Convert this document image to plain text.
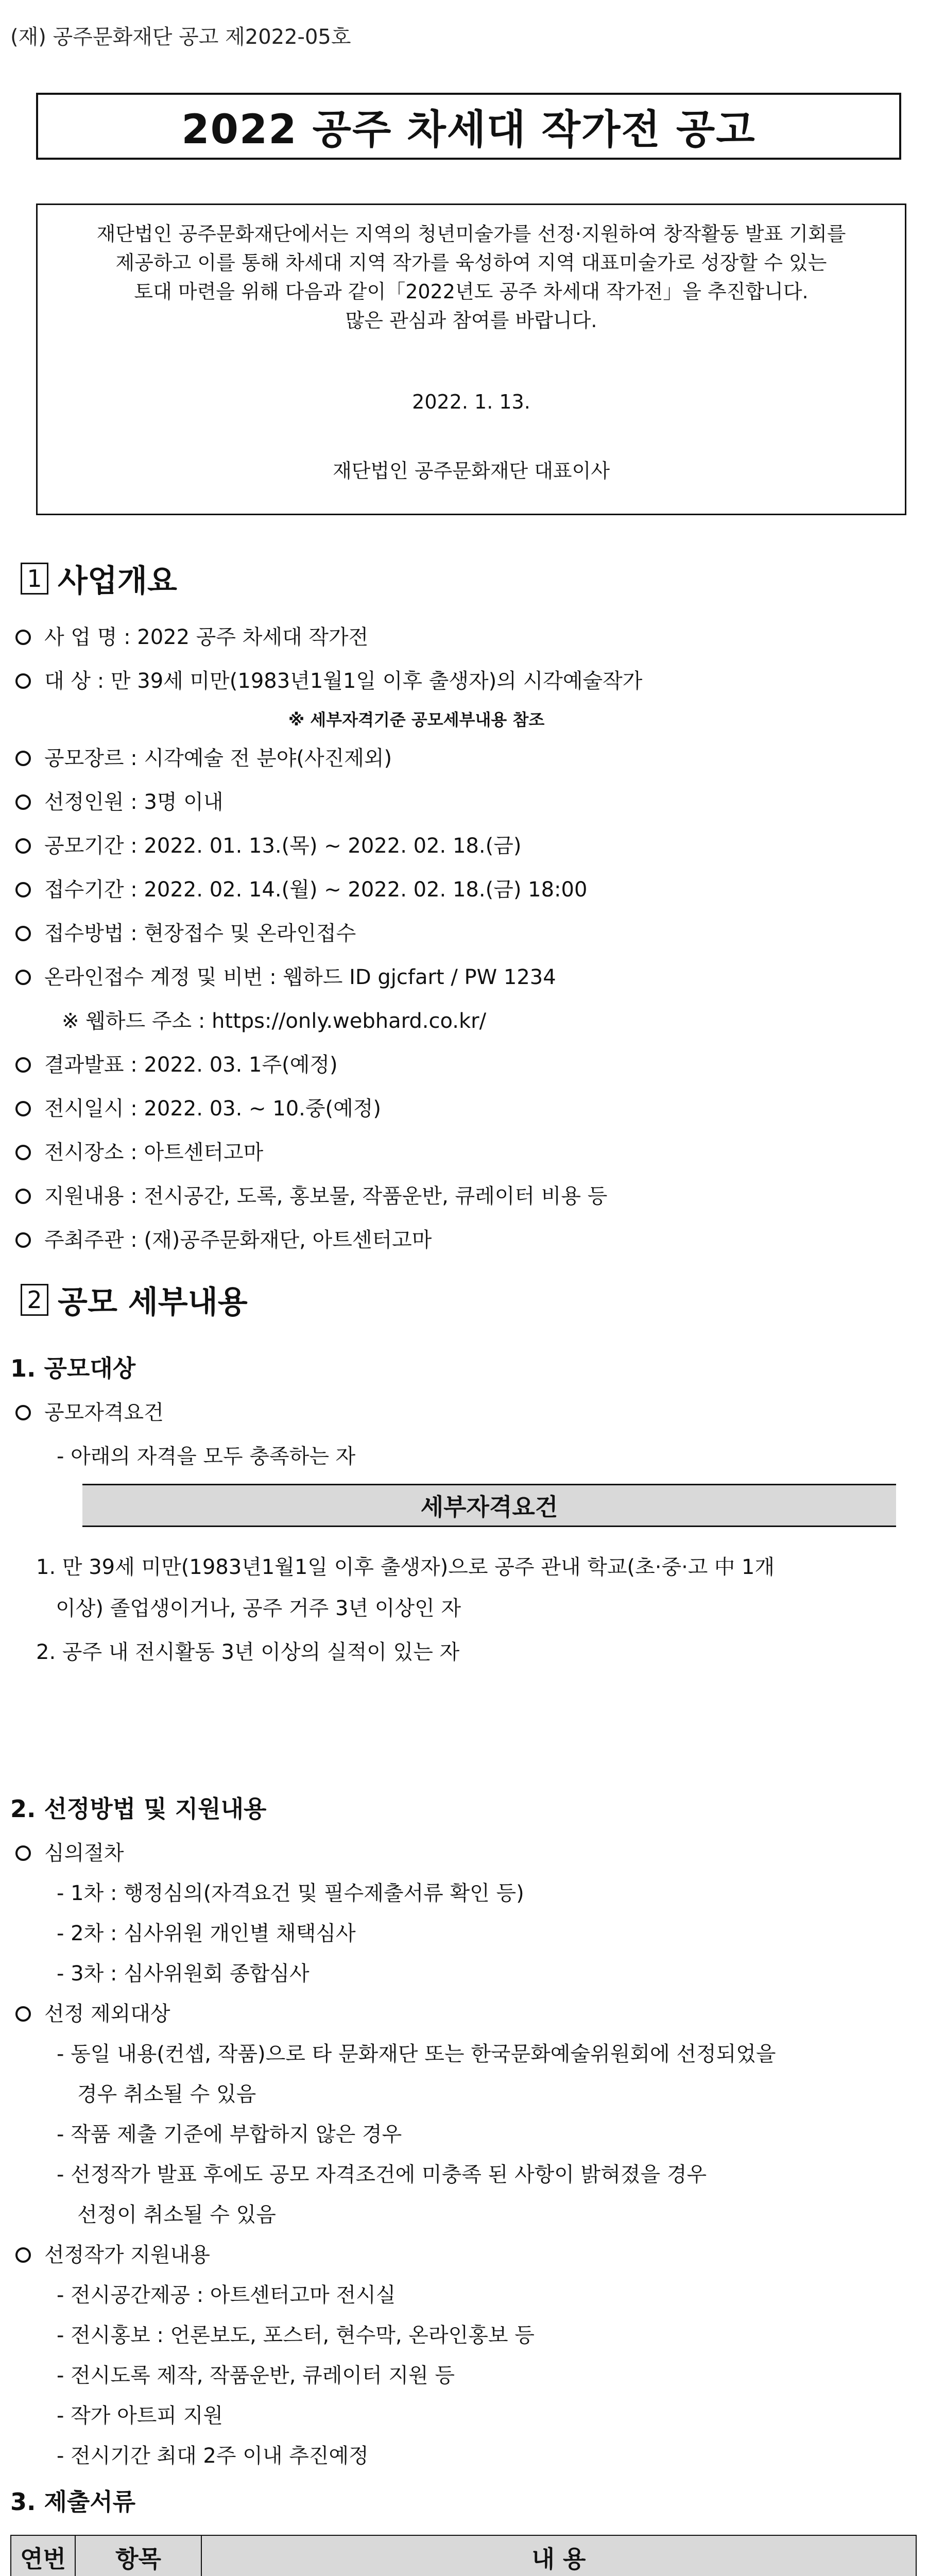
(재) 공주문화재단 공고 제2022-05호
2022 공주 차세대 작가전 공고
재단법인 공주문화재단에서는 지역의 청년미술가를 선정·지원하여 창작활동 발표 기회를
제공하고 이를 통해 차세대 지역 작가를 육성하여 지역 대표미술가로 성장할 수 있는
토대 마련을 위해 다음과 같이「2022년도 공주 차세대 작가전」을 추진합니다.
많은 관심과 참여를 바랍니다.
2022. 1. 13.
재단법인 공주문화재단 대표이사
1 사업개요
사 업 명 : 2022 공주 차세대 작가전
대 상 : 만 39세 미만(1983년1월1일 이후 출생자)의 시각예술작가
※ 세부자격기준 공모세부내용 참조
공모장르 : 시각예술 전 분야(사진제외)
선정인원 : 3명 이내
공모기간 : 2022. 01. 13.(목) ~ 2022. 02. 18.(금)
접수기간 : 2022. 02. 14.(월) ~ 2022. 02. 18.(금) 18:00
접수방법 : 현장접수 및 온라인접수
온라인접수 계정 및 비번 : 웹하드 ID gjcfart / PW 1234
※ 웹하드 주소 : https://only.webhard.co.kr/
결과발표 : 2022. 03. 1주(예정)
전시일시 : 2022. 03. ~ 10.중(예정)
전시장소 : 아트센터고마
지원내용 : 전시공간, 도록, 홍보물, 작품운반, 큐레이터 비용 등
주최주관 : (재)공주문화재단, 아트센터고마
2 공모 세부내용
1. 공모대상
공모자격요건
- 아래의 자격을 모두 충족하는 자
세부자격요건
1. 만 39세 미만(1983년1월1일 이후 출생자)으로 공주 관내 학교(초·중·고 中 1개
이상) 졸업생이거나, 공주 거주 3년 이상인 자
2. 공주 내 전시활동 3년 이상의 실적이 있는 자
2. 선정방법 및 지원내용
심의절차
- 1차 : 행정심의(자격요건 및 필수제출서류 확인 등)
- 2차 : 심사위원 개인별 채택심사
- 3차 : 심사위원회 종합심사
선정 제외대상
- 동일 내용(컨셉, 작품)으로 타 문화재단 또는 한국문화예술위원회에 선정되었을
경우 취소될 수 있음
- 작품 제출 기준에 부합하지 않은 경우
- 선정작가 발표 후에도 공모 자격조건에 미충족 된 사항이 밝혀졌을 경우
선정이 취소될 수 있음
선정작가 지원내용
- 전시공간제공 : 아트센터고마 전시실
- 전시홍보 : 언론보도, 포스터, 현수막, 온라인홍보 등
- 전시도록 제작, 작품운반, 큐레이터 지원 등
- 작가 아트피 지원
- 전시기간 최대 2주 이내 추진예정
3. 제출서류
연번	항목	내 용
